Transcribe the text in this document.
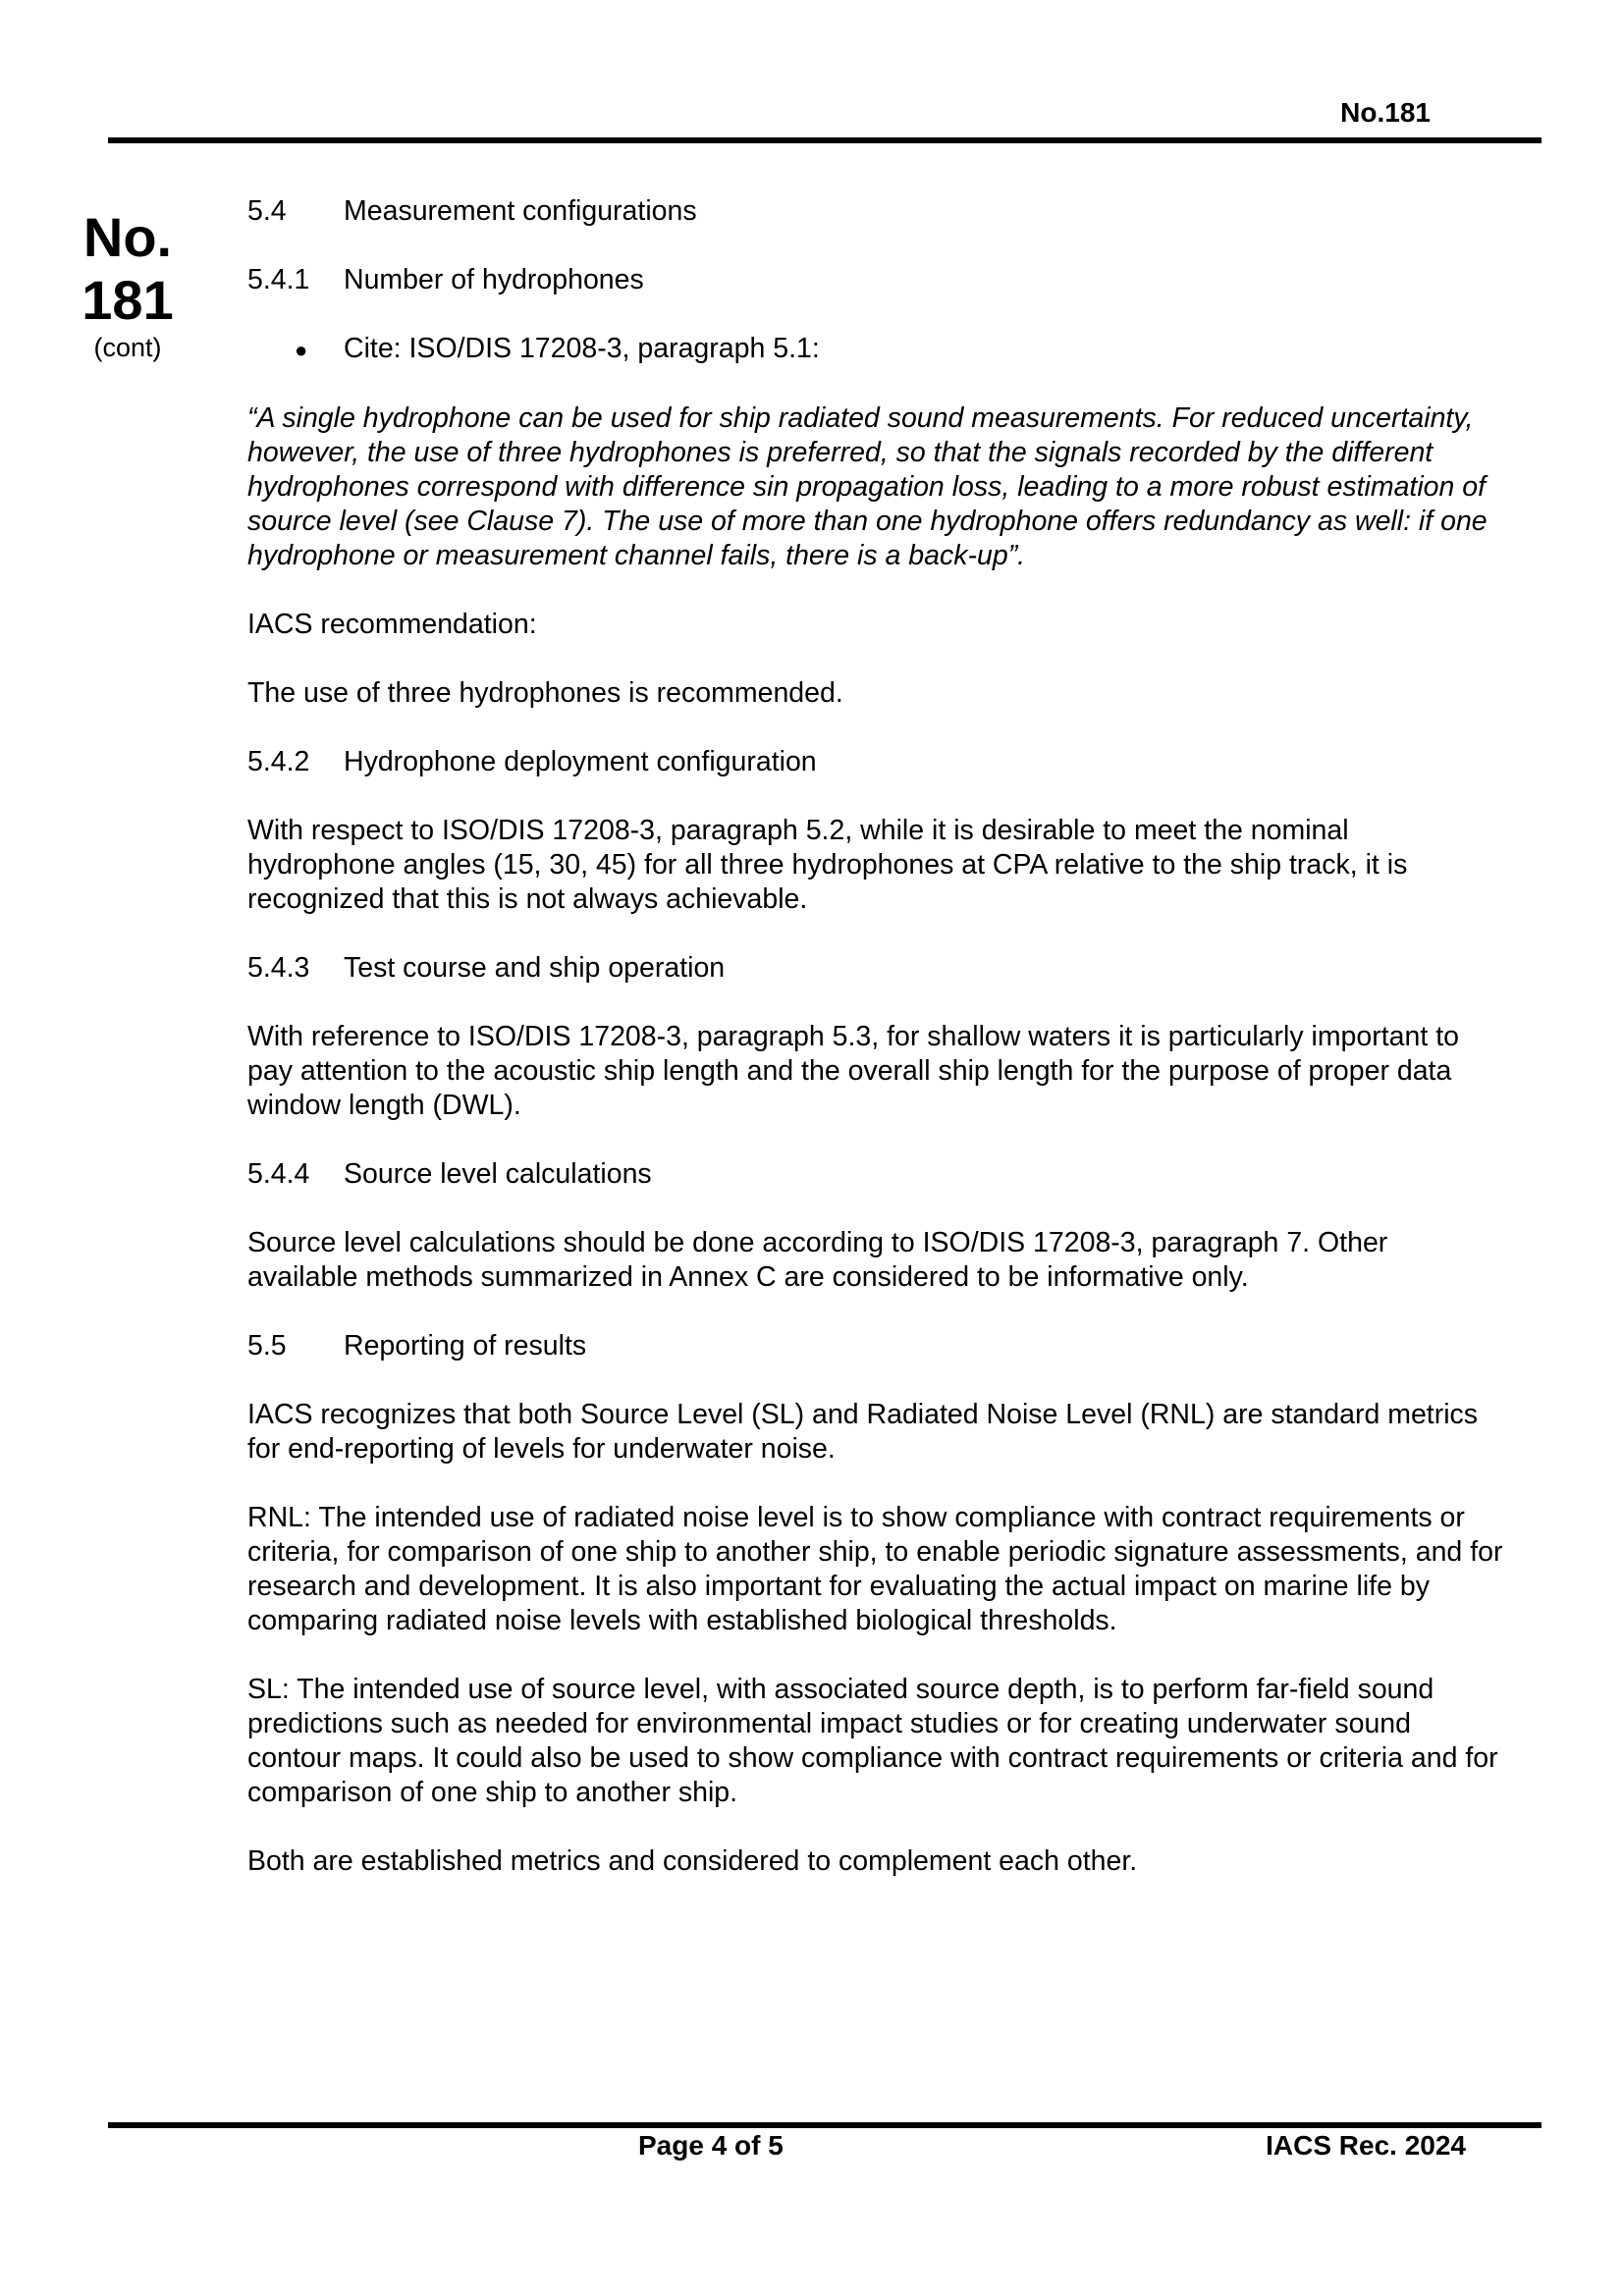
No.181
No.
181
(cont)
5.4	Measurement configurations
5.4.1	Number of hydrophones
●	Cite: ISO/DIS 17208-3, paragraph 5.1:

“A single hydrophone can be used for ship radiated sound measurements. For reduced uncertainty, however, the use of three hydrophones is preferred, so that the signals recorded by the different hydrophones correspond with difference sin propagation loss, leading to a more robust estimation of source level (see Clause 7). The use of more than one hydrophone offers redundancy as well: if one hydrophone or measurement channel fails, there is a back-up”.

IACS recommendation:

The use of three hydrophones is recommended.

5.4.2	Hydrophone deployment configuration

With respect to ISO/DIS 17208-3, paragraph 5.2, while it is desirable to meet the nominal hydrophone angles (15, 30, 45) for all three hydrophones at CPA relative to the ship track, it is recognized that this is not always achievable.

5.4.3	Test course and ship operation

With reference to ISO/DIS 17208-3, paragraph 5.3, for shallow waters it is particularly important to pay attention to the acoustic ship length and the overall ship length for the purpose of proper data window length (DWL).

5.4.4	Source level calculations

Source level calculations should be done according to ISO/DIS 17208-3, paragraph 7. Other available methods summarized in Annex C are considered to be informative only.

5.5	Reporting of results

IACS recognizes that both Source Level (SL) and Radiated Noise Level (RNL) are standard metrics for end-reporting of levels for underwater noise.

RNL: The intended use of radiated noise level is to show compliance with contract requirements or criteria, for comparison of one ship to another ship, to enable periodic signature assessments, and for research and development. It is also important for evaluating the actual impact on marine life by comparing radiated noise levels with established biological thresholds.

SL: The intended use of source level, with associated source depth, is to perform far-field sound predictions such as needed for environmental impact studies or for creating underwater sound contour maps. It could also be used to show compliance with contract requirements or criteria and for comparison of one ship to another ship.

Both are established metrics and considered to complement each other.

Page 4 of 5	IACS Rec. 2024
